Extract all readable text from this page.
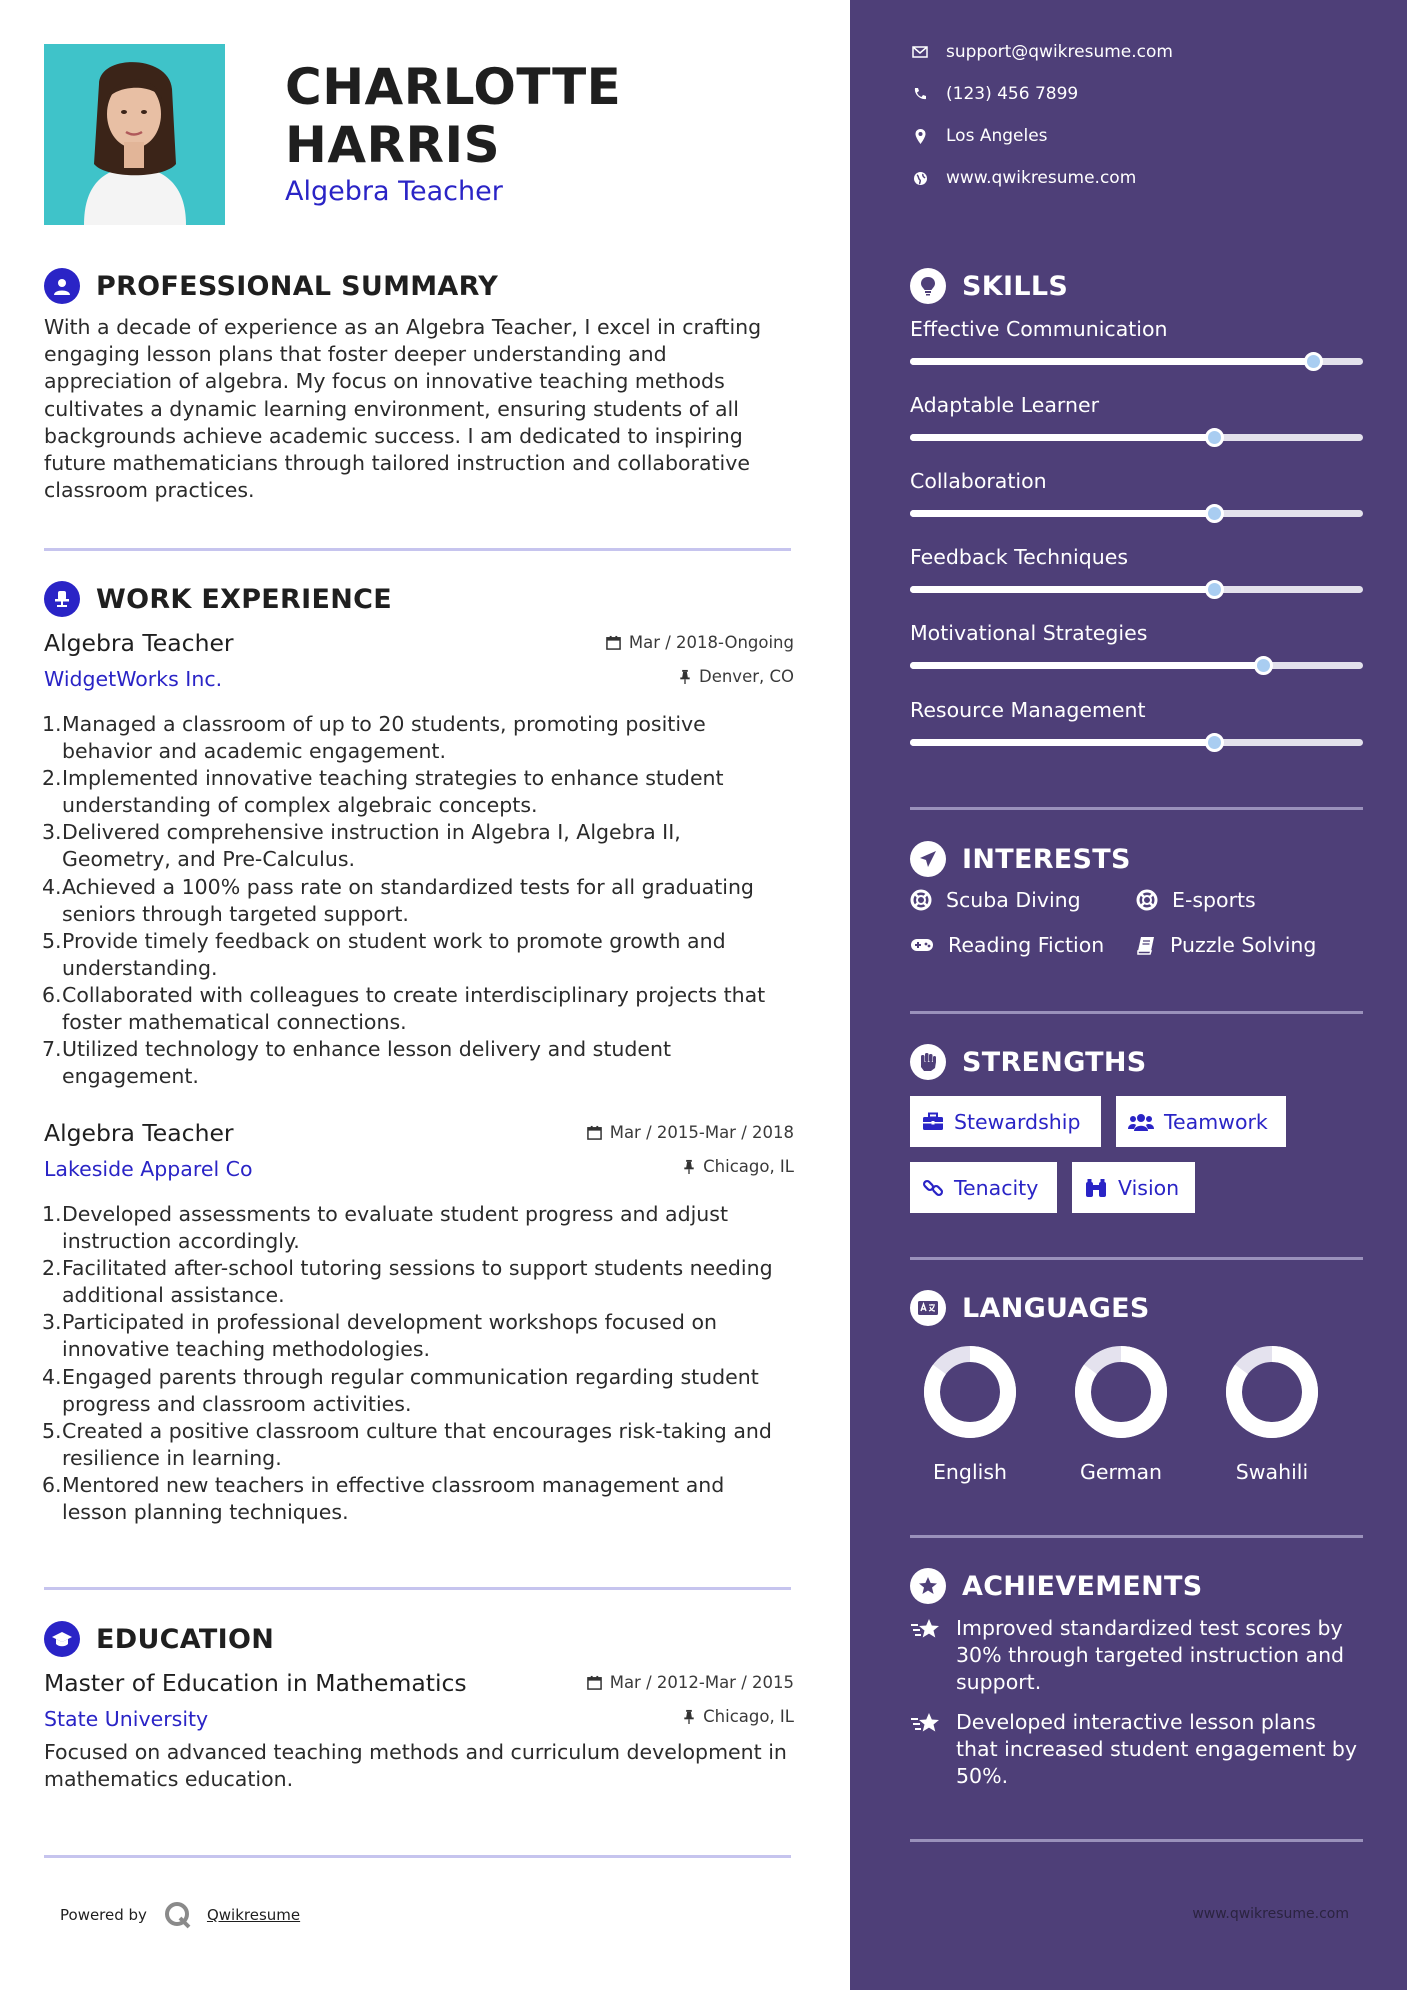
CHARLOTTE
HARRIS
Algebra Teacher
PROFESSIONAL SUMMARY
With a decade of experience as an Algebra Teacher, I excel in crafting engaging lesson plans that foster deeper understanding and appreciation of algebra. My focus on innovative teaching methods cultivates a dynamic learning environment, ensuring students of all backgrounds achieve academic success. I am dedicated to inspiring future mathematicians through tailored instruction and collaborative classroom practices.
WORK EXPERIENCE
Algebra Teacher
WidgetWorks Inc.
Mar / 2018-Ongoing
Denver, CO
1. Managed a classroom of up to 20 students, promoting positive behavior and academic engagement.
2. Implemented innovative teaching strategies to enhance student understanding of complex algebraic concepts.
3. Delivered comprehensive instruction in Algebra I, Algebra II, Geometry, and Pre-Calculus.
4. Achieved a 100% pass rate on standardized tests for all graduating seniors through targeted support.
5. Provide timely feedback on student work to promote growth and understanding.
6. Collaborated with colleagues to create interdisciplinary projects that foster mathematical connections.
7. Utilized technology to enhance lesson delivery and student engagement.
Algebra Teacher
Lakeside Apparel Co
Mar / 2015-Mar / 2018
Chicago, IL
1. Developed assessments to evaluate student progress and adjust instruction accordingly.
2. Facilitated after-school tutoring sessions to support students needing additional assistance.
3. Participated in professional development workshops focused on innovative teaching methodologies.
4. Engaged parents through regular communication regarding student progress and classroom activities.
5. Created a positive classroom culture that encourages risk-taking and resilience in learning.
6. Mentored new teachers in effective classroom management and lesson planning techniques.
EDUCATION
Master of Education in Mathematics
State University
Mar / 2012-Mar / 2015
Chicago, IL
Focused on advanced teaching methods and curriculum development in mathematics education.
Powered by	Qwikresume
support@qwikresume.com
(123) 456 7899
Los Angeles
www.qwikresume.com
SKILLS
Effective Communication
Adaptable Learner
Collaboration
Feedback Techniques
Motivational Strategies
Resource Management
INTERESTS
Scuba Diving	E-sports
Reading Fiction	Puzzle Solving
STRENGTHS
Stewardship	Teamwork
Tenacity	Vision
LANGUAGES
English	German	Swahili
ACHIEVEMENTS
Improved standardized test scores by 30% through targeted instruction and support.
Developed interactive lesson plans that increased student engagement by 50%.
www.qwikresume.com
